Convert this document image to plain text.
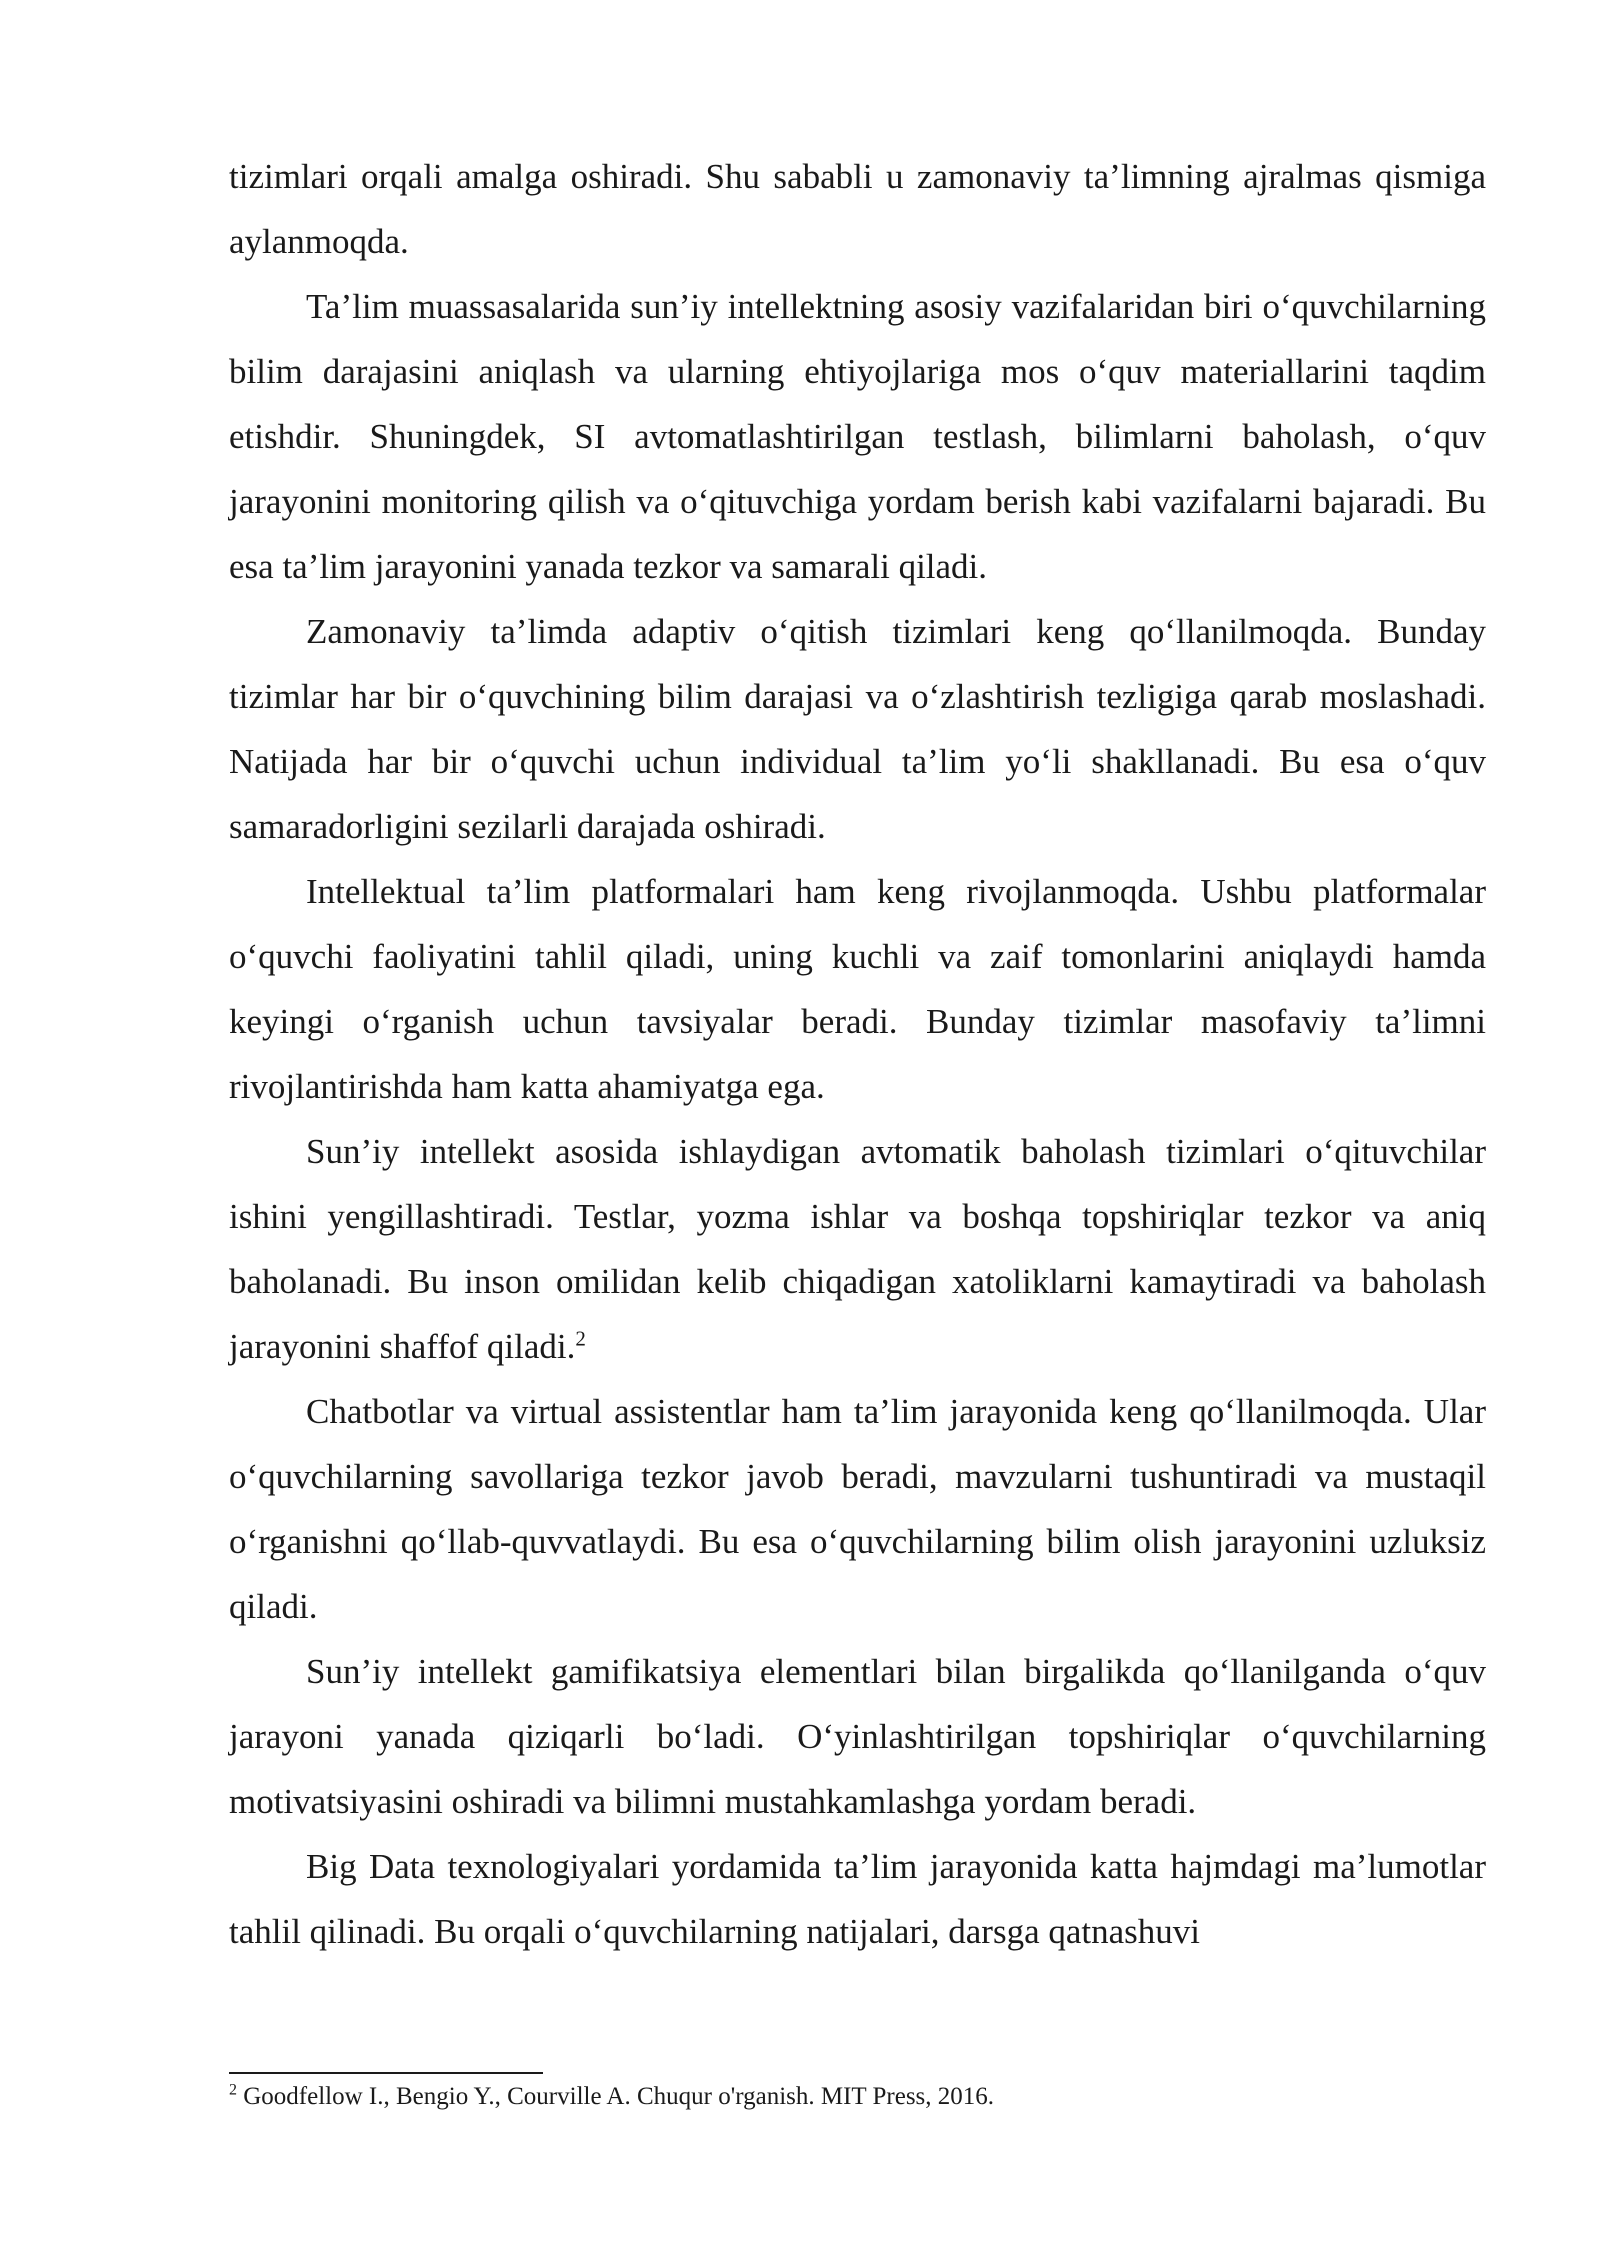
tizimlari orqali amalga oshiradi. Shu sababli u zamonaviy ta’limning ajralmas qismiga aylanmoqda.

Ta’lim muassasalarida sun’iy intellektning asosiy vazifalaridan biri o‘quvchilarning bilim darajasini aniqlash va ularning ehtiyojlariga mos o‘quv materiallarini taqdim etishdir. Shuningdek, SI avtomatlashtirilgan testlash, bilimlarni baholash, o‘quv jarayonini monitoring qilish va o‘qituvchiga yordam berish kabi vazifalarni bajaradi. Bu esa ta’lim jarayonini yanada tezkor va samarali qiladi.

Zamonaviy ta’limda adaptiv o‘qitish tizimlari keng qo‘llanilmoqda. Bunday tizimlar har bir o‘quvchining bilim darajasi va o‘zlashtirish tezligiga qarab moslashadi. Natijada har bir o‘quvchi uchun individual ta’lim yo‘li shakllanadi. Bu esa o‘quv samaradorligini sezilarli darajada oshiradi.

Intellektual ta’lim platformalari ham keng rivojlanmoqda. Ushbu platformalar o‘quvchi faoliyatini tahlil qiladi, uning kuchli va zaif tomonlarini aniqlaydi hamda keyingi o‘rganish uchun tavsiyalar beradi. Bunday tizimlar masofaviy ta’limni rivojlantirishda ham katta ahamiyatga ega.

Sun’iy intellekt asosida ishlaydigan avtomatik baholash tizimlari o‘qituvchilar ishini yengillashtiradi. Testlar, yozma ishlar va boshqa topshiriqlar tezkor va aniq baholanadi. Bu inson omilidan kelib chiqadigan xatoliklarni kamaytiradi va baholash jarayonini shaffof qiladi.$^2$

Chatbotlar va virtual assistentlar ham ta’lim jarayonida keng qo‘llanilmoqda. Ular o‘quvchilarning savollariga tezkor javob beradi, mavzularni tushuntiradi va mustaqil o‘rganishni qo‘llab-quvvatlaydi. Bu esa o‘quvchilarning bilim olish jarayonini uzluksiz qiladi.

Sun’iy intellekt gamifikatsiya elementlari bilan birgalikda qo‘llanilganda o‘quv jarayoni yanada qiziqarli bo‘ladi. O‘yinlashtirilgan topshiriqlar o‘quvchilarning motivatsiyasini oshiradi va bilimni mustahkamlashga yordam beradi.

Big Data texnologiyalari yordamida ta’lim jarayonida katta hajmdagi ma’lumotlar tahlil qilinadi. Bu orqali o‘quvchilarning natijalari, darsga qatnashuvi

$^2$ Goodfellow I., Bengio Y., Courville A. Chuqur o'rganish. MIT Press, 2016.
